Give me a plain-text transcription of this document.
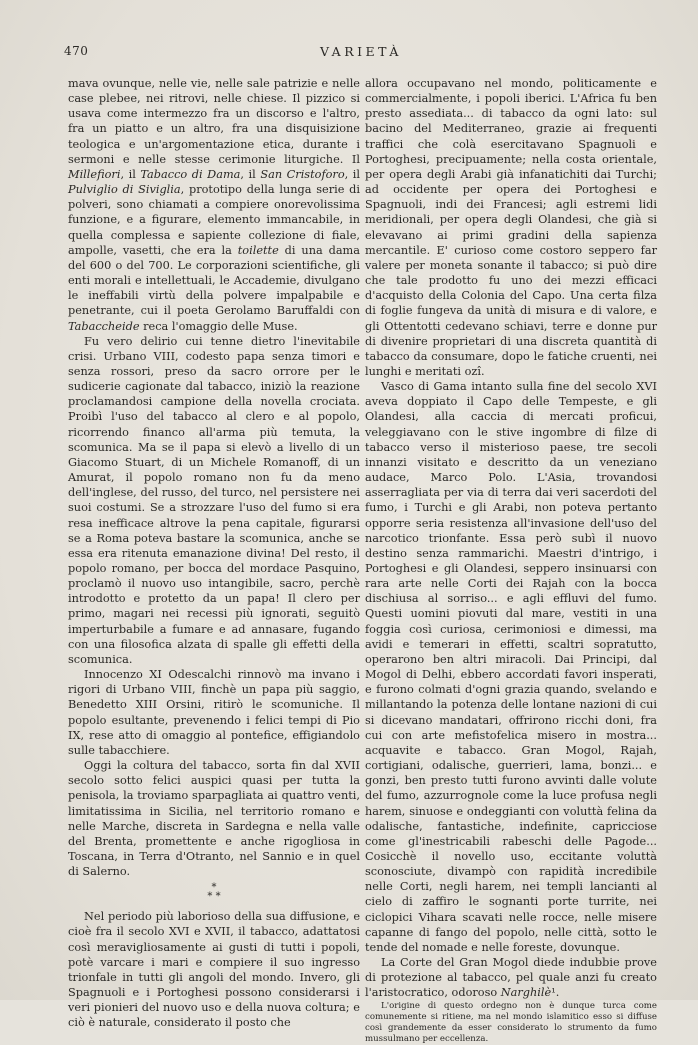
470	VARIETÀ

mava ovunque, nelle vie, nelle sale patrizie e nelle case plebee, nei ritrovi, nelle chiese. Il pizzico si usava come intermezzo fra un discorso e l'altro, fra un piatto e un altro, fra una disquisizione teologica e un'argomentazione etica, durante i sermoni e nelle stesse cerimonie liturgiche. Il Millefiori, il Tabacco di Dama, il San Cristoforo, il Pulviglio di Siviglia, prototipo della lunga serie di polveri, sono chiamati a compiere onorevolissima funzione, e a figurare, elemento immancabile, in quella complessa e sapiente collezione di fiale, ampolle, vasetti, che era la toilette di una dama del 600 o del 700. Le corporazioni scientifiche, gli enti morali e intellettuali, le Accademie, divulgano le ineffabili virtù della polvere impalpabile e penetrante, cui il poeta Gerolamo Baruffaldi con Tabaccheide reca l'omaggio delle Muse.

Fu vero delirio cui tenne dietro l'inevitabile crisi. Urbano VIII, codesto papa senza timori e senza rossori, preso da sacro orrore per le sudicerie cagionate dal tabacco, iniziò la reazione proclamandosi campione della novella crociata. Proibì l'uso del tabacco al clero e al popolo, ricorrendo financo all'arma più temuta, la scomunica. Ma se il papa si elevò a livello di un Giacomo Stuart, di un Michele Romanoff, di un Amurat, il popolo romano non fu da meno dell'inglese, del russo, del turco, nel persistere nei suoi costumi. Se a strozzare l'uso del fumo si era resa inefficace altrove la pena capitale, figurarsi se a Roma poteva bastare la scomunica, anche se essa era ritenuta emanazione divina! Del resto, il popolo romano, per bocca del mordace Pasquino, proclamò il nuovo uso intangibile, sacro, perchè introdotto e protetto da un papa! Il clero per primo, magari nei recessi più ignorati, seguitò imperturbabile a fumare e ad annasare, fugando con una filosofica alzata di spalle gli effetti della scomunica.

Innocenzo XI Odescalchi rinnovò ma invano i rigori di Urbano VIII, finchè un papa più saggio, Benedetto XIII Orsini, ritirò le scomuniche. Il popolo esultante, prevenendo i felici tempi di Pio IX, rese atto di omaggio al pontefice, effigiandolo sulle tabacchiere.

Oggi la coltura del tabacco, sorta fin dal XVII secolo sotto felici auspici quasi per tutta la penisola, la troviamo sparpagliata ai quattro venti, limitatissima in Sicilia, nel territorio romano e nelle Marche, discreta in Sardegna e nella valle del Brenta, promettente e anche rigogliosa in Toscana, in Terra d'Otranto, nel Sannio e in quel di Salerno.

*
* *

Nel periodo più laborioso della sua diffusione, e cioè fra il secolo XVI e XVII, il tabacco, adattatosi così meravigliosamente ai gusti di tutti i popoli, potè varcare i mari e compiere il suo ingresso trionfale in tutti gli angoli del mondo. Invero, gli Spagnuoli e i Portoghesi possono considerarsi i veri pionieri del nuovo uso e della nuova coltura; e ciò è naturale, considerato il posto che

allora occupavano nel mondo, politicamente e commercialmente, i popoli iberici. L'Africa fu ben presto assediata... di tabacco da ogni lato: sul bacino del Mediterraneo, grazie ai frequenti traffici che colà esercitavano Spagnuoli e Portoghesi, precipuamente; nella costa orientale, per opera degli Arabi già infanatichiti dai Turchi; ad occidente per opera dei Portoghesi e Spagnuoli, indi dei Francesi; agli estremi lidi meridionali, per opera degli Olandesi, che già si elevavano ai primi gradini della sapienza mercantile. E' curioso come costoro seppero far valere per moneta sonante il tabacco; si può dire che tale prodotto fu uno dei mezzi efficaci d'acquisto della Colonia del Capo. Una certa filza di foglie fungeva da unità di misura e di valore, e gli Ottentotti cedevano schiavi, terre e donne pur di divenire proprietari di una discreta quantità di tabacco da consumare, dopo le fatiche cruenti, nei lunghi e meritati ozî.

Vasco di Gama intanto sulla fine del secolo XVI aveva doppiato il Capo delle Tempeste, e gli Olandesi, alla caccia di mercati proficui, veleggiavano con le stive ingombre di filze di tabacco verso il misterioso paese, tre secoli innanzi visitato e descritto da un veneziano audace, Marco Polo. L'Asia, trovandosi asserragliata per via di terra dai veri sacerdoti del fumo, i Turchi e gli Arabi, non poteva pertanto opporre seria resistenza all'invasione dell'uso del narcotico trionfante. Essa però subì il nuovo destino senza rammarichi. Maestri d'intrigo, i Portoghesi e gli Olandesi, seppero insinuarsi con rara arte nelle Corti dei Rajah con la bocca dischiusa al sorriso... e agli effluvi del fumo. Questi uomini piovuti dal mare, vestiti in una foggia così curiosa, cerimoniosi e dimessi, ma avidi e temerari in effetti, scaltri sopratutto, operarono ben altri miracoli. Dai Principi, dal Mogol di Delhi, ebbero accordati favori insperati, e furono colmati d'ogni grazia quando, svelando e millantando la potenza delle lontane nazioni di cui si dicevano mandatari, offrirono ricchi doni, fra cui con arte mefistofelica misero in mostra... acquavite e tabacco. Gran Mogol, Rajah, cortigiani, odalische, guerrieri, lama, bonzi... e gonzi, ben presto tutti furono avvinti dalle volute del fumo, azzurrognole come la luce profusa negli harem, sinuose e ondeggianti con voluttà felina da odalische, fantastiche, indefinite, capricciose come gl'inestricabili rabeschi delle Pagode... Cosicchè il novello uso, eccitante voluttà sconosciute, divampò con rapidità incredibile nelle Corti, negli harem, nei templi lancianti al cielo di zaffiro le sognanti porte turrite, nei ciclopici Vihara scavati nelle rocce, nelle misere capanne di fango del popolo, nelle città, sotto le tende del nomade e nelle foreste, dovunque.

La Corte del Gran Mogol diede indubbie prove di protezione al tabacco, pel quale anzi fu creato l'aristocratico, odoroso Narghilè¹.

L'origine di questo ordegno non è dunque turca come comunemente si ritiene, ma nel mondo islamitico esso si diffuse così grandemente da esser considerato lo strumento da fumo mussulmano per eccellenza.
